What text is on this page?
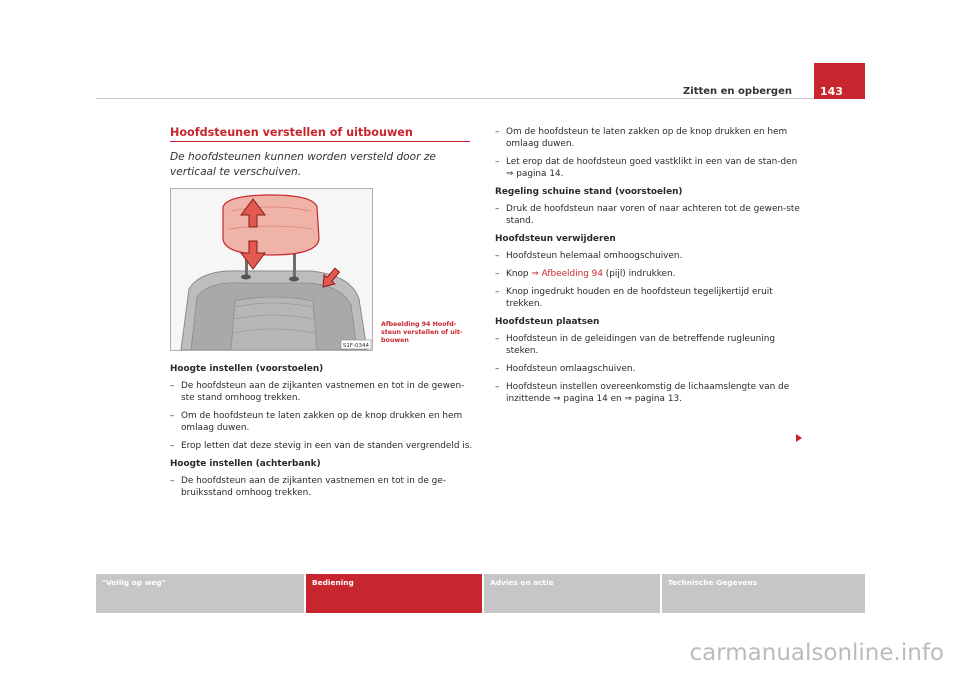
Zitten en opbergen	143
Hoofdsteunen verstellen of uitbouwen

De hoofdsteunen kunnen worden versteld door ze verticaal te verschuiven.

S1F-0344

Afbeelding 94 Hoofd-steun verstellen of uit-bouwen

Hoogte instellen (voorstoelen)

– De hoofdsteun aan de zijkanten vastnemen en tot in de gewen-ste stand omhoog trekken.

– Om de hoofdsteun te laten zakken op de knop drukken en hem omlaag duwen.

– Erop letten dat deze stevig in een van de standen vergrendeld is.

Hoogte instellen (achterbank)

– De hoofdsteun aan de zijkanten vastnemen en tot in de ge-bruiksstand omhoog trekken.

– Om de hoofdsteun te laten zakken op de knop drukken en hem omlaag duwen.

– Let erop dat de hoofdsteun goed vastklikt in een van de stan-den ⇒ pagina 14.

Regeling schuine stand (voorstoelen)

– Druk de hoofdsteun naar voren of naar achteren tot de gewen-ste stand.

Hoofdsteun verwijderen

– Hoofdsteun helemaal omhoogschuiven.

– Knop ⇒ Afbeelding 94 (pijl) indrukken.

– Knop ingedrukt houden en de hoofdsteun tegelijkertijd eruit trekken.

Hoofdsteun plaatsen

– Hoofdsteun in de geleidingen van de betreffende rugleuning steken.

– Hoofdsteun omlaagschuiven.

– Hoofdsteun instellen overeenkomstig de lichaamslengte van de inzittende ⇒ pagina 14 en ⇒ pagina 13.

"Veilig op weg"	Bediening	Advies en actie	Technische Gegevens
carmanualsonline.info
